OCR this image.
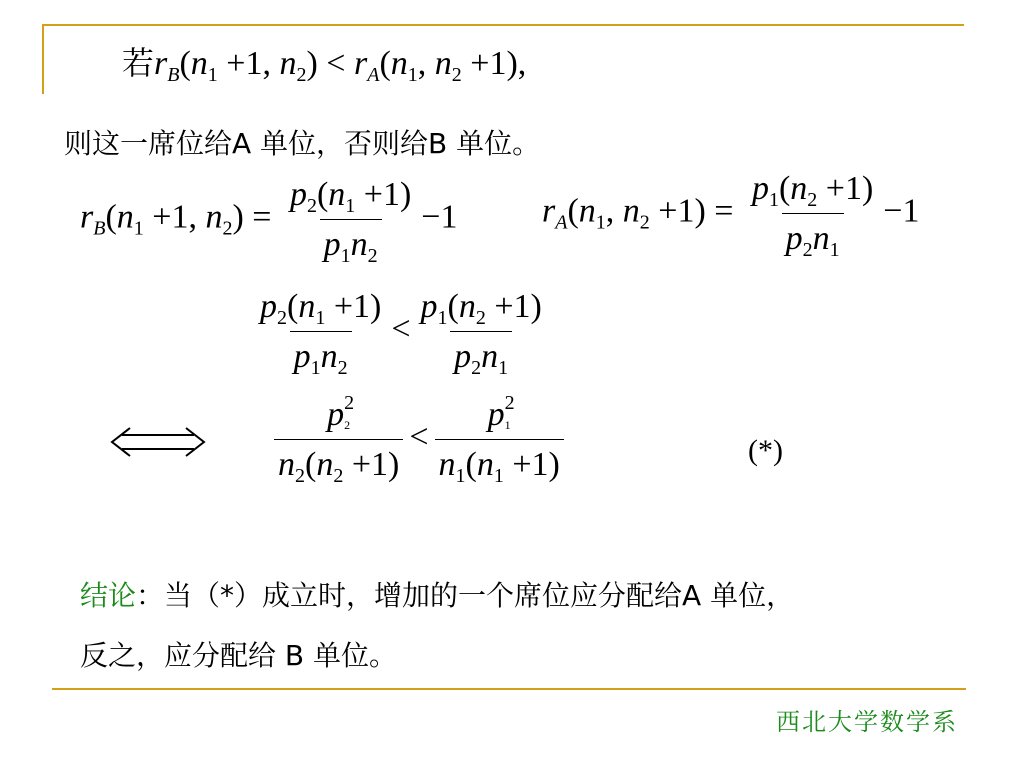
若$r_B(n_1 +1$, $n_2) < r_A(n_1$, $n_2 +1$),
则这一席位给A 单位，否则给B 单位。
$r_B(n_1 +1$, $n_2) = \frac{p_2(n_1 +1)}{p_1n_2} -1$ $r_A(n_1$, $n_2 +1) = \frac{p_1(n_2 +1)}{p_2n_1} -1$
$\frac{p_2(n_1 +1)}{p_1n_2} < \frac{p_1(n_2 +1)}{p_2n_1}$
$\frac{p^2_2}{n_2(n_2 +1)} < \frac{p^2_1}{n_1(n_1 +1)}$	(*)
结论：当（*）成立时，增加的一个席位应分配给A 单位，
反之，应分配给 B 单位。
西北大学数学系
